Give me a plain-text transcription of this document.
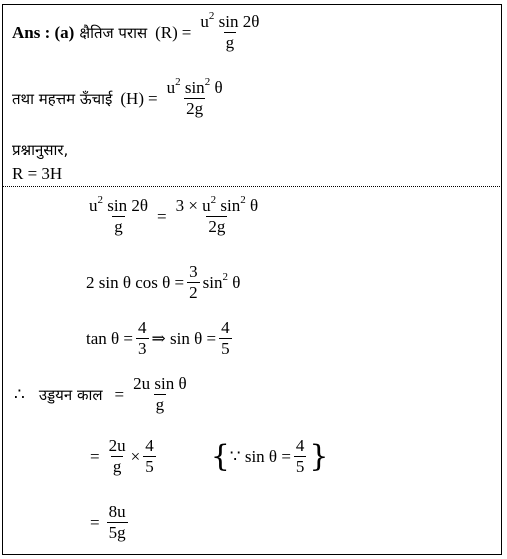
Ans : (a) क्षैतिज परास $(R) = \frac{u^2 \sin 2\theta}{g}$
तथा महत्तम ऊँचाई $(H) = \frac{u^2 \sin^2 \theta}{2g}$
प्रश्नानुसार,
R = 3H
$\frac{u^2 \sin 2\theta}{g} = \frac{3 \times u^2 \sin^2 \theta}{2g}$
2 sin θ $\cos \theta = \frac{3}{2} \sin^2 \theta$
$\tan \theta = \frac{4}{3}$ ⇒ $\sin \theta = \frac{4}{5}$
∴ उड्डयन काल = $\frac{\text{2u sin θ}}{g}$
= $\frac{2u}{g} \times \frac{4}{5}$ { ∵ $\sin \theta = \frac{4}{5}$ }
= $\frac{8u}{5g}$
